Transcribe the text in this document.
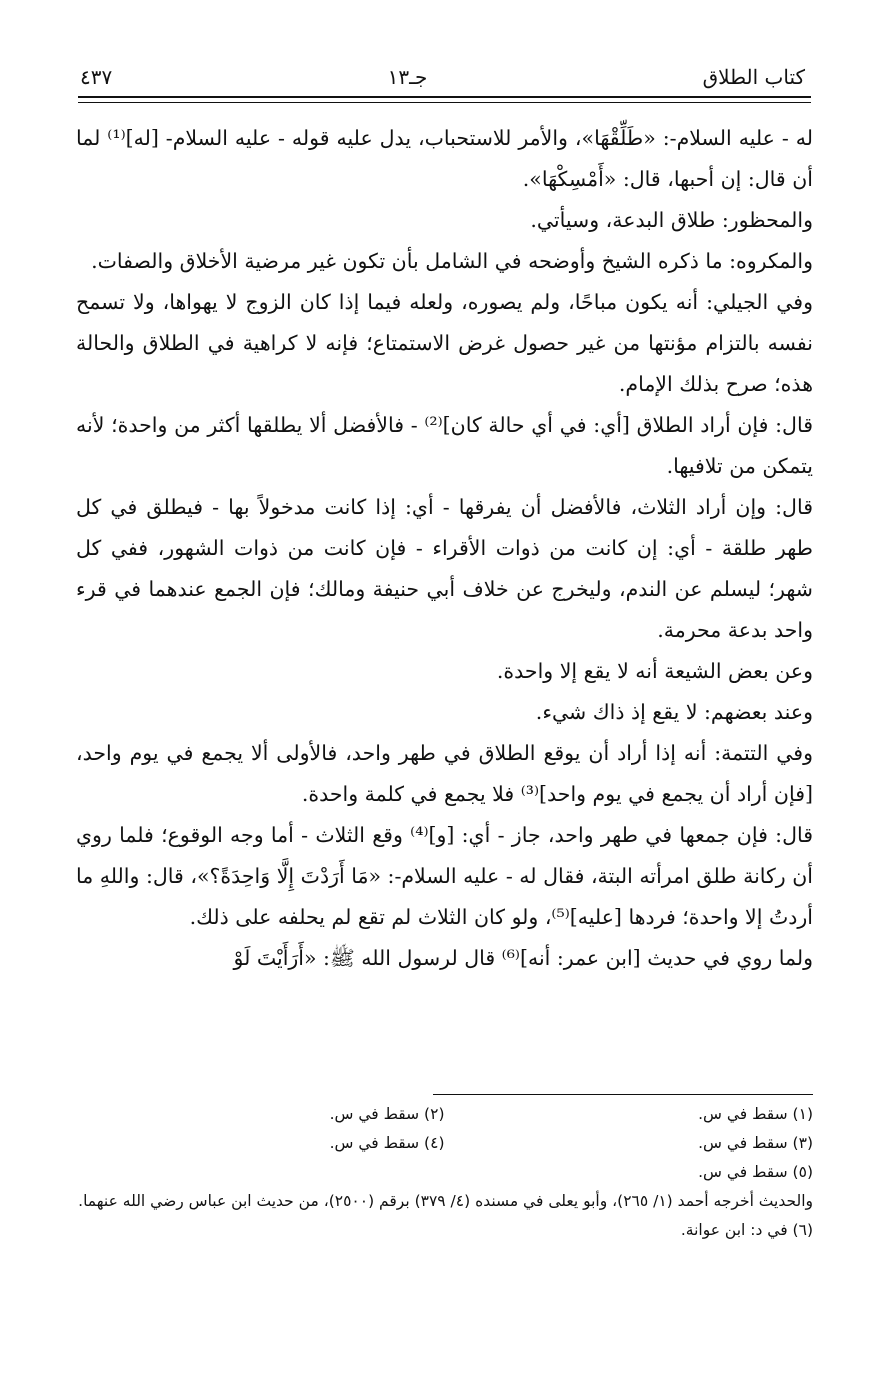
كتاب الطلاق
جـ١٣
٤٣٧

له - عليه السلام-: «طَلِّقْهَا»، والأمر للاستحباب، يدل عليه قوله - عليه السلام- [له]⁽¹⁾ لما أن قال: إن أحبها، قال: «أَمْسِكْهَا».

والمحظور: طلاق البدعة، وسيأتي.

والمكروه: ما ذكره الشيخ وأوضحه في الشامل بأن تكون غير مرضية الأخلاق والصفات.

وفي الجيلي: أنه يكون مباحًا، ولم يصوره، ولعله فيما إذا كان الزوج لا يهواها، ولا تسمح نفسه بالتزام مؤنتها من غير حصول غرض الاستمتاع؛ فإنه لا كراهية في الطلاق والحالة هذه؛ صرح بذلك الإمام.

قال: فإن أراد الطلاق [أي: في أي حالة كان]⁽²⁾ - فالأفضل ألا يطلقها أكثر من واحدة؛ لأنه يتمكن من تلافيها.

قال: وإن أراد الثلاث، فالأفضل أن يفرقها - أي: إذا كانت مدخولاً بها - فيطلق في كل طهر طلقة - أي: إن كانت من ذوات الأقراء - فإن كانت من ذوات الشهور، ففي كل شهر؛ ليسلم عن الندم، وليخرج عن خلاف أبي حنيفة ومالك؛ فإن الجمع عندهما في قرء واحد بدعة محرمة.

وعن بعض الشيعة أنه لا يقع إلا واحدة.

وعند بعضهم: لا يقع إذ ذاك شيء.

وفي التتمة: أنه إذا أراد أن يوقع الطلاق في طهر واحد، فالأولى ألا يجمع في يوم واحد، [فإن أراد أن يجمع في يوم واحد]⁽³⁾ فلا يجمع في كلمة واحدة.

قال: فإن جمعها في طهر واحد، جاز - أي: [و]⁽⁴⁾ وقع الثلاث - أما وجه الوقوع؛ فلما روي أن ركانة طلق امرأته البتة، فقال له - عليه السلام-: «مَا أَرَدْتَ إِلَّا وَاحِدَةً؟»، قال: واللهِ ما أردتُ إلا واحدة؛ فردها [عليه]⁽⁵⁾، ولو كان الثلاث لم تقع لم يحلفه على ذلك.

ولما روي في حديث [ابن عمر: أنه]⁽⁶⁾ قال لرسول الله ﷺ: «أَرَأَيْتَ لَوْ

(١) سقط في س.
(٢) سقط في س.
(٣) سقط في س.
(٤) سقط في س.
(٥) سقط في س.
والحديث أخرجه أحمد (١/ ٢٦٥)، وأبو يعلى في مسنده (٤/ ٣٧٩) برقم (٢٥٠٠)، من حديث ابن عباس رضي الله عنهما.
(٦) في د: ابن عوانة.
